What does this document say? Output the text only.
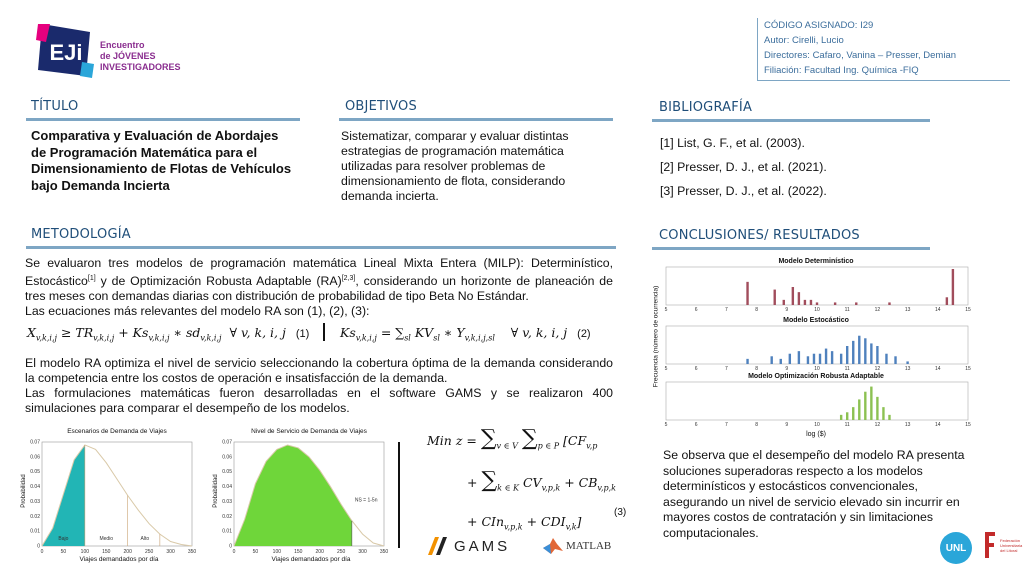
EJi Encuentro
de JÓVENES
INVESTIGADORES
CÓDIGO ASIGNADO: I29
Autor: Cirelli, Lucio
Directores: Cafaro, Vanina – Presser, Demian
Filiación: Facultad Ing. Química -FIQ
TÍTULO
Comparativa y Evaluación de Abordajes de Programación Matemática para el Dimensionamiento de Flotas de Vehículos bajo Demanda Incierta
OBJETIVOS
Sistematizar, comparar y evaluar distintas estrategias de programación matemática utilizadas para resolver problemas de dimensionamiento de flota, considerando demanda incierta.
BIBLIOGRAFÍA
[1] List, G. F., et al. (2003).
[2] Presser, D. J., et al. (2021).
[3] Presser, D. J., et al. (2022).
METODOLOGÍA
Se evaluaron tres modelos de programación matemática Lineal Mixta Entera (MILP): Determinístico, Estocástico[1] y de Optimización Robusta Adaptable (RA)[2,3], considerando un horizonte de planeación de tres meses con demandas diarias con distribución de probabilidad de tipo Beta No Estándar.
Las ecuaciones más relevantes del modelo RA son (1), (2), (3):
$X_{v,k,i,j} \ge TR_{v,k,i,j} + Ks_{v,k,i,j}$ ∗ $sd_{v,k,i,j}$  ∀ v, k, i, j (1) $Ks_{v,k,i,j} = \sum_{sl}$ $KV_{sl}$ ∗ $Y_{v,k,i,j,sl}$    ∀ v, k, i, j (2)
El modelo RA optimiza el nivel de servicio seleccionando la cobertura óptima de la demanda considerando la competencia entre los costos de operación e insatisfacción de la demanda.
Las formulaciones matemáticas fueron desarrolladas en el software GAMS y se realizaron 400 simulaciones para comparar el desempeño de los modelos.
Escenarios de Demanda de Viajes
0
0.01
0.02
0.03
0.04
0.05
0.06
0.07
0	50	100	150	200	250	300	350
Bajo	Medio	Alto
Viajes demandados por día
Probabilidad
Nivel de Servicio de Demanda de Viajes
0
0.01
0.02
0.03
0.04
0.05
0.06
0.07
0	50	100	150	200	250	300	350
NS = 1-5n
Viajes demandados por día
Probabilidad
Min $z = \sum_{v \in V}$ $\sum_{p \in P}$ [$CF_{v,p}$
+ $\sum_{k \in K}$ $CV_{v,p,k} + CB_{v,p,k}$
+ $CIn_{v,p,k} + CDI_{v,k}$]
(3)
GAMS	MATLAB
CONCLUSIONES/ RESULTADOS
Frecuencia (número de ocurrencia) 5	6	7	8	9	10	11	12	13	14	15
5	6	7	8	9	10	11	12	13	14	15
5	6	7	8	9	10	11	12	13	14	15
Modelo Determinístico
Modelo Estocástico
Modelo Optimización Robusta Adaptable
log ($)
Se observa que el desempeño del modelo RA presenta soluciones superadoras respecto a los modelos determinísticos y estocásticos convencionales, asegurando un nivel de servicio elevado sin incurrir en mayores costos de contratación y sin limitaciones computacionales.
UNL
Federación Universitaria del Litoral
